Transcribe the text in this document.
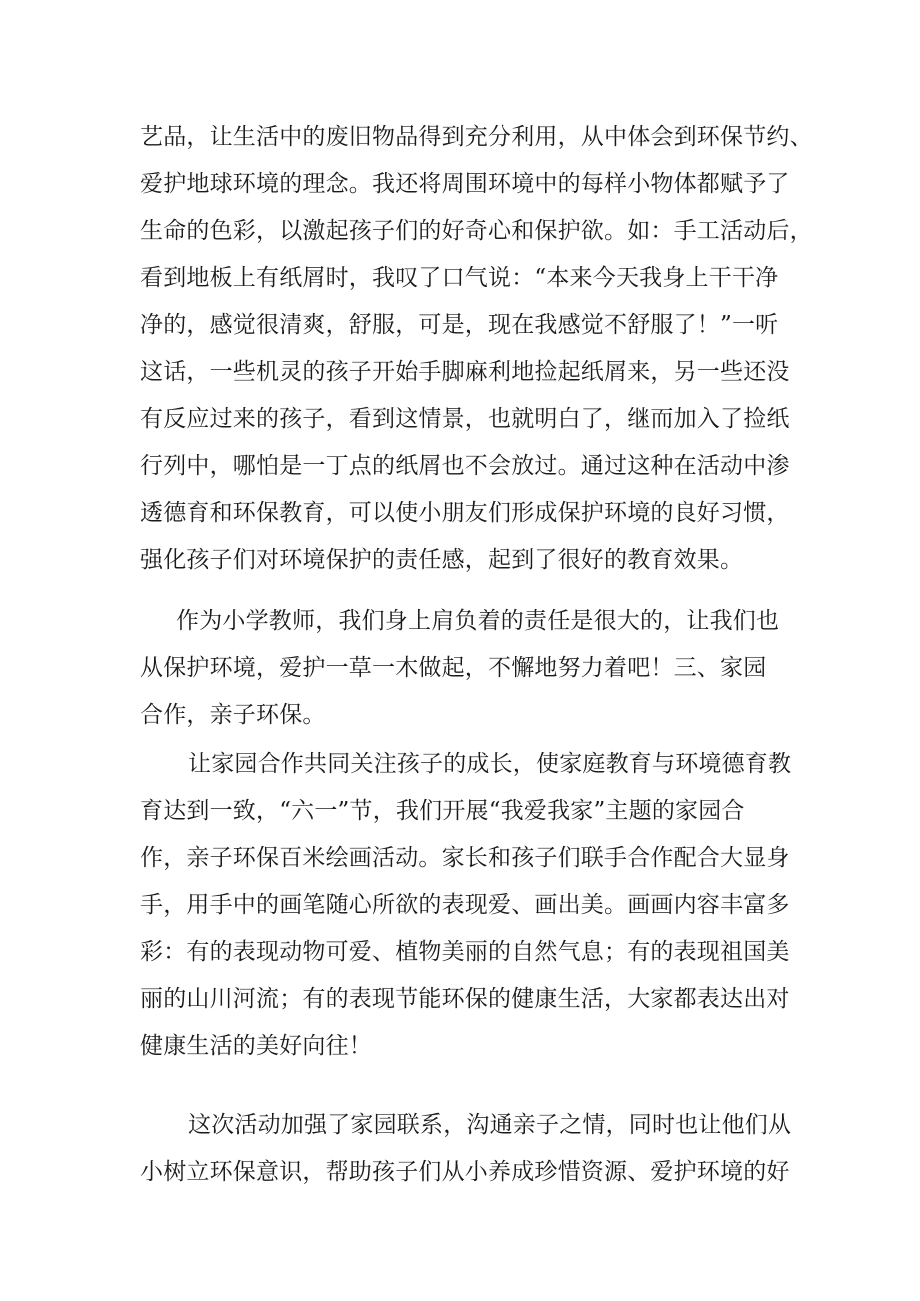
艺品，让生活中的废旧物品得到充分利用，从中体会到环保节约、
爱护地球环境的理念。我还将周围环境中的每样小物体都赋予了
生命的色彩，以激起孩子们的好奇心和保护欲。如：手工活动后，
看到地板上有纸屑时，我叹了口气说：“本来今天我身上干干净
净的，感觉很清爽，舒服，可是，现在我感觉不舒服了！”一听
这话，一些机灵的孩子开始手脚麻利地捡起纸屑来，另一些还没
有反应过来的孩子，看到这情景，也就明白了，继而加入了捡纸
行列中，哪怕是一丁点的纸屑也不会放过。通过这种在活动中渗
透德育和环保教育，可以使小朋友们形成保护环境的良好习惯，
强化孩子们对环境保护的责任感，起到了很好的教育效果。
作为小学教师，我们身上肩负着的责任是很大的，让我们也
从保护环境，爱护一草一木做起，不懈地努力着吧！三、家园
合作，亲子环保。
让家园合作共同关注孩子的成长，使家庭教育与环境德育教
育达到一致，“六一”节，我们开展“我爱我家”主题的家园合
作，亲子环保百米绘画活动。家长和孩子们联手合作配合大显身
手，用手中的画笔随心所欲的表现爱、画出美。画画内容丰富多
彩：有的表现动物可爱、植物美丽的自然气息；有的表现祖国美
丽的山川河流；有的表现节能环保的健康生活，大家都表达出对
健康生活的美好向往！
这次活动加强了家园联系，沟通亲子之情，同时也让他们从
小树立环保意识，帮助孩子们从小养成珍惜资源、爱护环境的好
